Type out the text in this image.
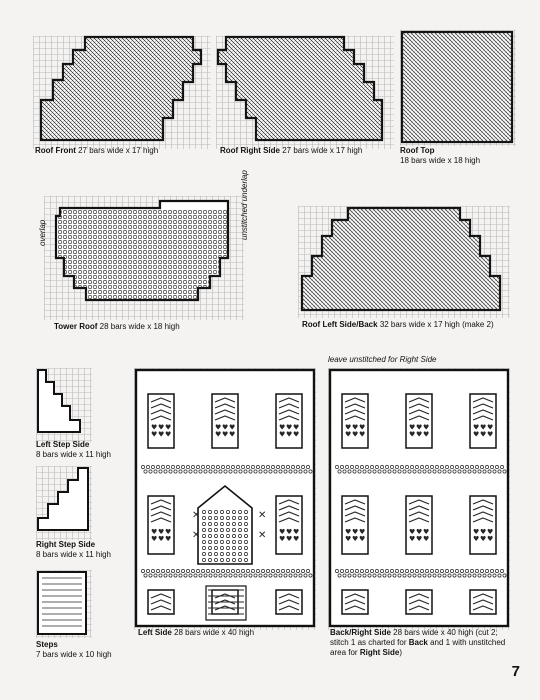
Roof Front 27 bars wide x 17 high	Roof Right Side 27 bars wide x 17 high	Roof Top
18 bars wide x 18 high
overlap	unstitched underlap
Tower Roof 28 bars wide x 18 high	Roof Left Side/Back 32 bars wide x 17 high (make 2)
Left Step Side
8 bars wide x 11 high
Right Step Side
8 bars wide x 11 high
Steps
7 bars wide x 10 high
leave unstitched for Right Side
♥ ♥ ♥
♥ ♥ ♥
♥ ♥ ♥
♥ ♥ ♥
♥ ♥ ♥
♥ ♥ ♥
♥ ♥ ♥
♥ ♥ ♥
♥ ♥ ♥
♥ ♥ ♥
✕
✕
✕
✕
Left Side 28 bars wide x 40 high
♥ ♥ ♥
♥ ♥ ♥
♥ ♥ ♥
♥ ♥ ♥
♥ ♥ ♥
♥ ♥ ♥
♥ ♥ ♥
♥ ♥ ♥
♥ ♥ ♥
♥ ♥ ♥
♥ ♥ ♥
♥ ♥ ♥
Back/Right Side 28 bars wide x 40 high (cut 2;
stitch 1 as charted for Back and 1 with unstitched
area for Right Side)
7
